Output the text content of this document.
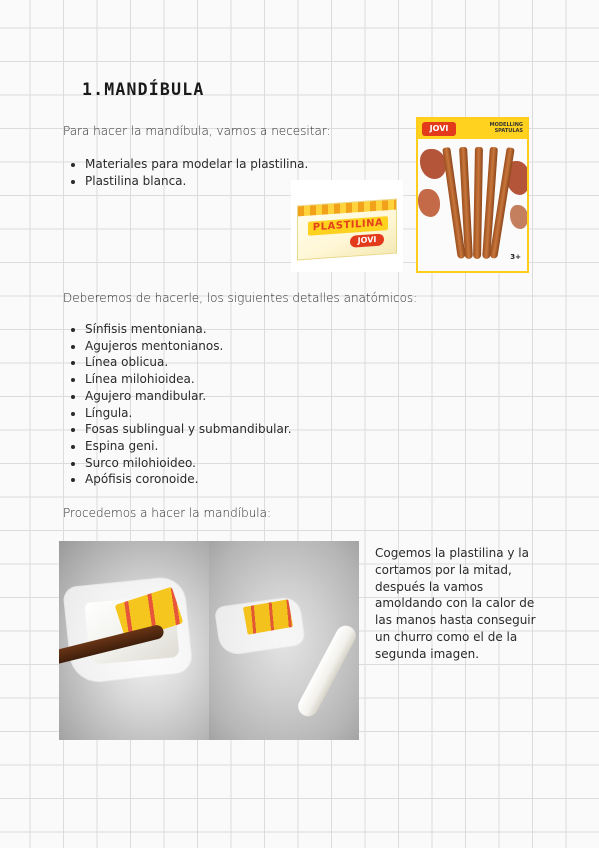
1.MANDÍBULA

Para hacer la mandíbula, vamos a necesitar:

• Materiales para modelar la plastilina.
• Plastilina blanca.
PLASTILINA
JOVI
JOVI	MODELLING SPATULAS
3+

Deberemos de hacerle, los siguientes detalles anatómicos:

• Sínfisis mentoniana.
• Agujeros mentonianos.
• Línea oblicua.
• Línea milohioidea.
• Agujero mandibular.
• Língula.
• Fosas sublingual y submandibular.
• Espina geni.
• Surco milohioideo.
• Apófisis coronoide.

Procedemos a hacer la mandíbula:

Cogemos la plastilina y la cortamos por la mitad, después la vamos amoldando con la calor de las manos hasta conseguir un churro como el de la segunda imagen.
